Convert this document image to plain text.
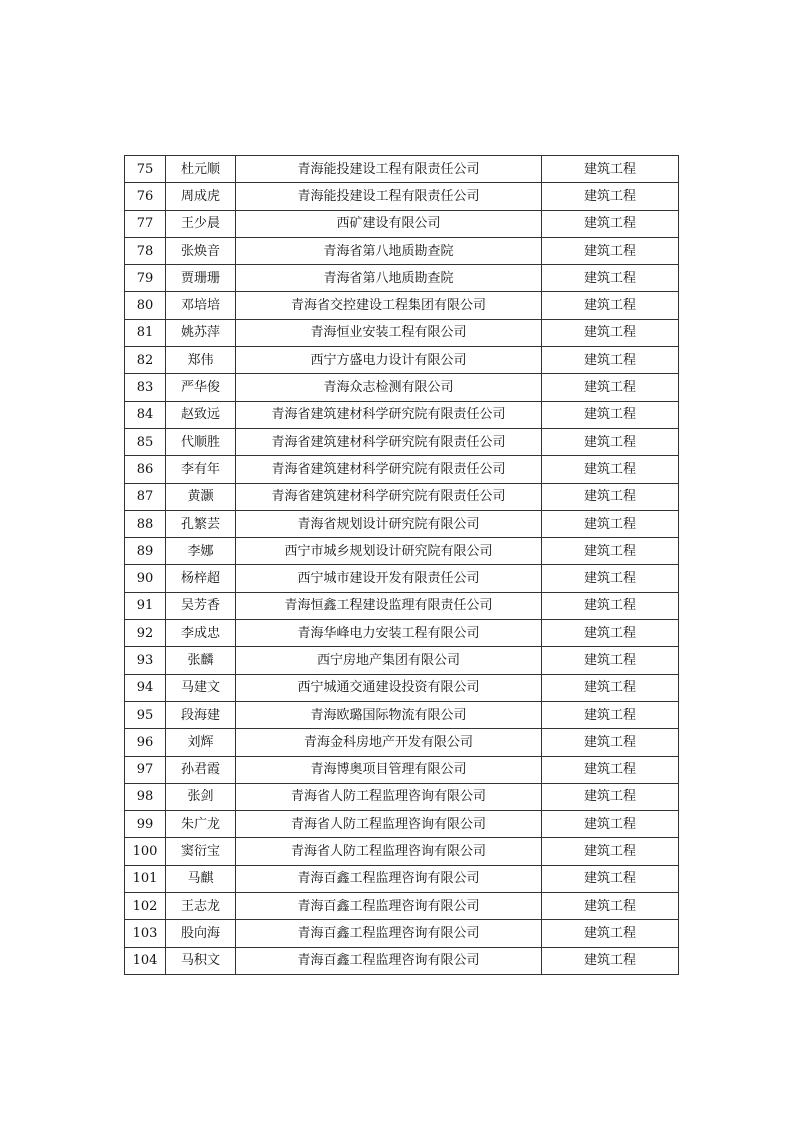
75	杜元顺	青海能投建设工程有限责任公司	建筑工程
76	周成虎	青海能投建设工程有限责任公司	建筑工程
77	王少晨	西矿建设有限公司	建筑工程
78	张焕音	青海省第八地质勘查院	建筑工程
79	贾珊珊	青海省第八地质勘查院	建筑工程
80	邓培培	青海省交控建设工程集团有限公司	建筑工程
81	姚苏萍	青海恒业安装工程有限公司	建筑工程
82	郑伟	西宁方盛电力设计有限公司	建筑工程
83	严华俊	青海众志检测有限公司	建筑工程
84	赵致远	青海省建筑建材科学研究院有限责任公司	建筑工程
85	代顺胜	青海省建筑建材科学研究院有限责任公司	建筑工程
86	李有年	青海省建筑建材科学研究院有限责任公司	建筑工程
87	黄灏	青海省建筑建材科学研究院有限责任公司	建筑工程
88	孔繁芸	青海省规划设计研究院有限公司	建筑工程
89	李娜	西宁市城乡规划设计研究院有限公司	建筑工程
90	杨梓超	西宁城市建设开发有限责任公司	建筑工程
91	吴芳香	青海恒鑫工程建设监理有限责任公司	建筑工程
92	李成忠	青海华峰电力安装工程有限公司	建筑工程
93	张麟	西宁房地产集团有限公司	建筑工程
94	马建文	西宁城通交通建设投资有限公司	建筑工程
95	段海建	青海欧璐国际物流有限公司	建筑工程
96	刘辉	青海金科房地产开发有限公司	建筑工程
97	孙君霞	青海博奥项目管理有限公司	建筑工程
98	张剑	青海省人防工程监理咨询有限公司	建筑工程
99	朱广龙	青海省人防工程监理咨询有限公司	建筑工程
100	窦衍宝	青海省人防工程监理咨询有限公司	建筑工程
101	马麒	青海百鑫工程监理咨询有限公司	建筑工程
102	王志龙	青海百鑫工程监理咨询有限公司	建筑工程
103	股向海	青海百鑫工程监理咨询有限公司	建筑工程
104	马积文	青海百鑫工程监理咨询有限公司	建筑工程
